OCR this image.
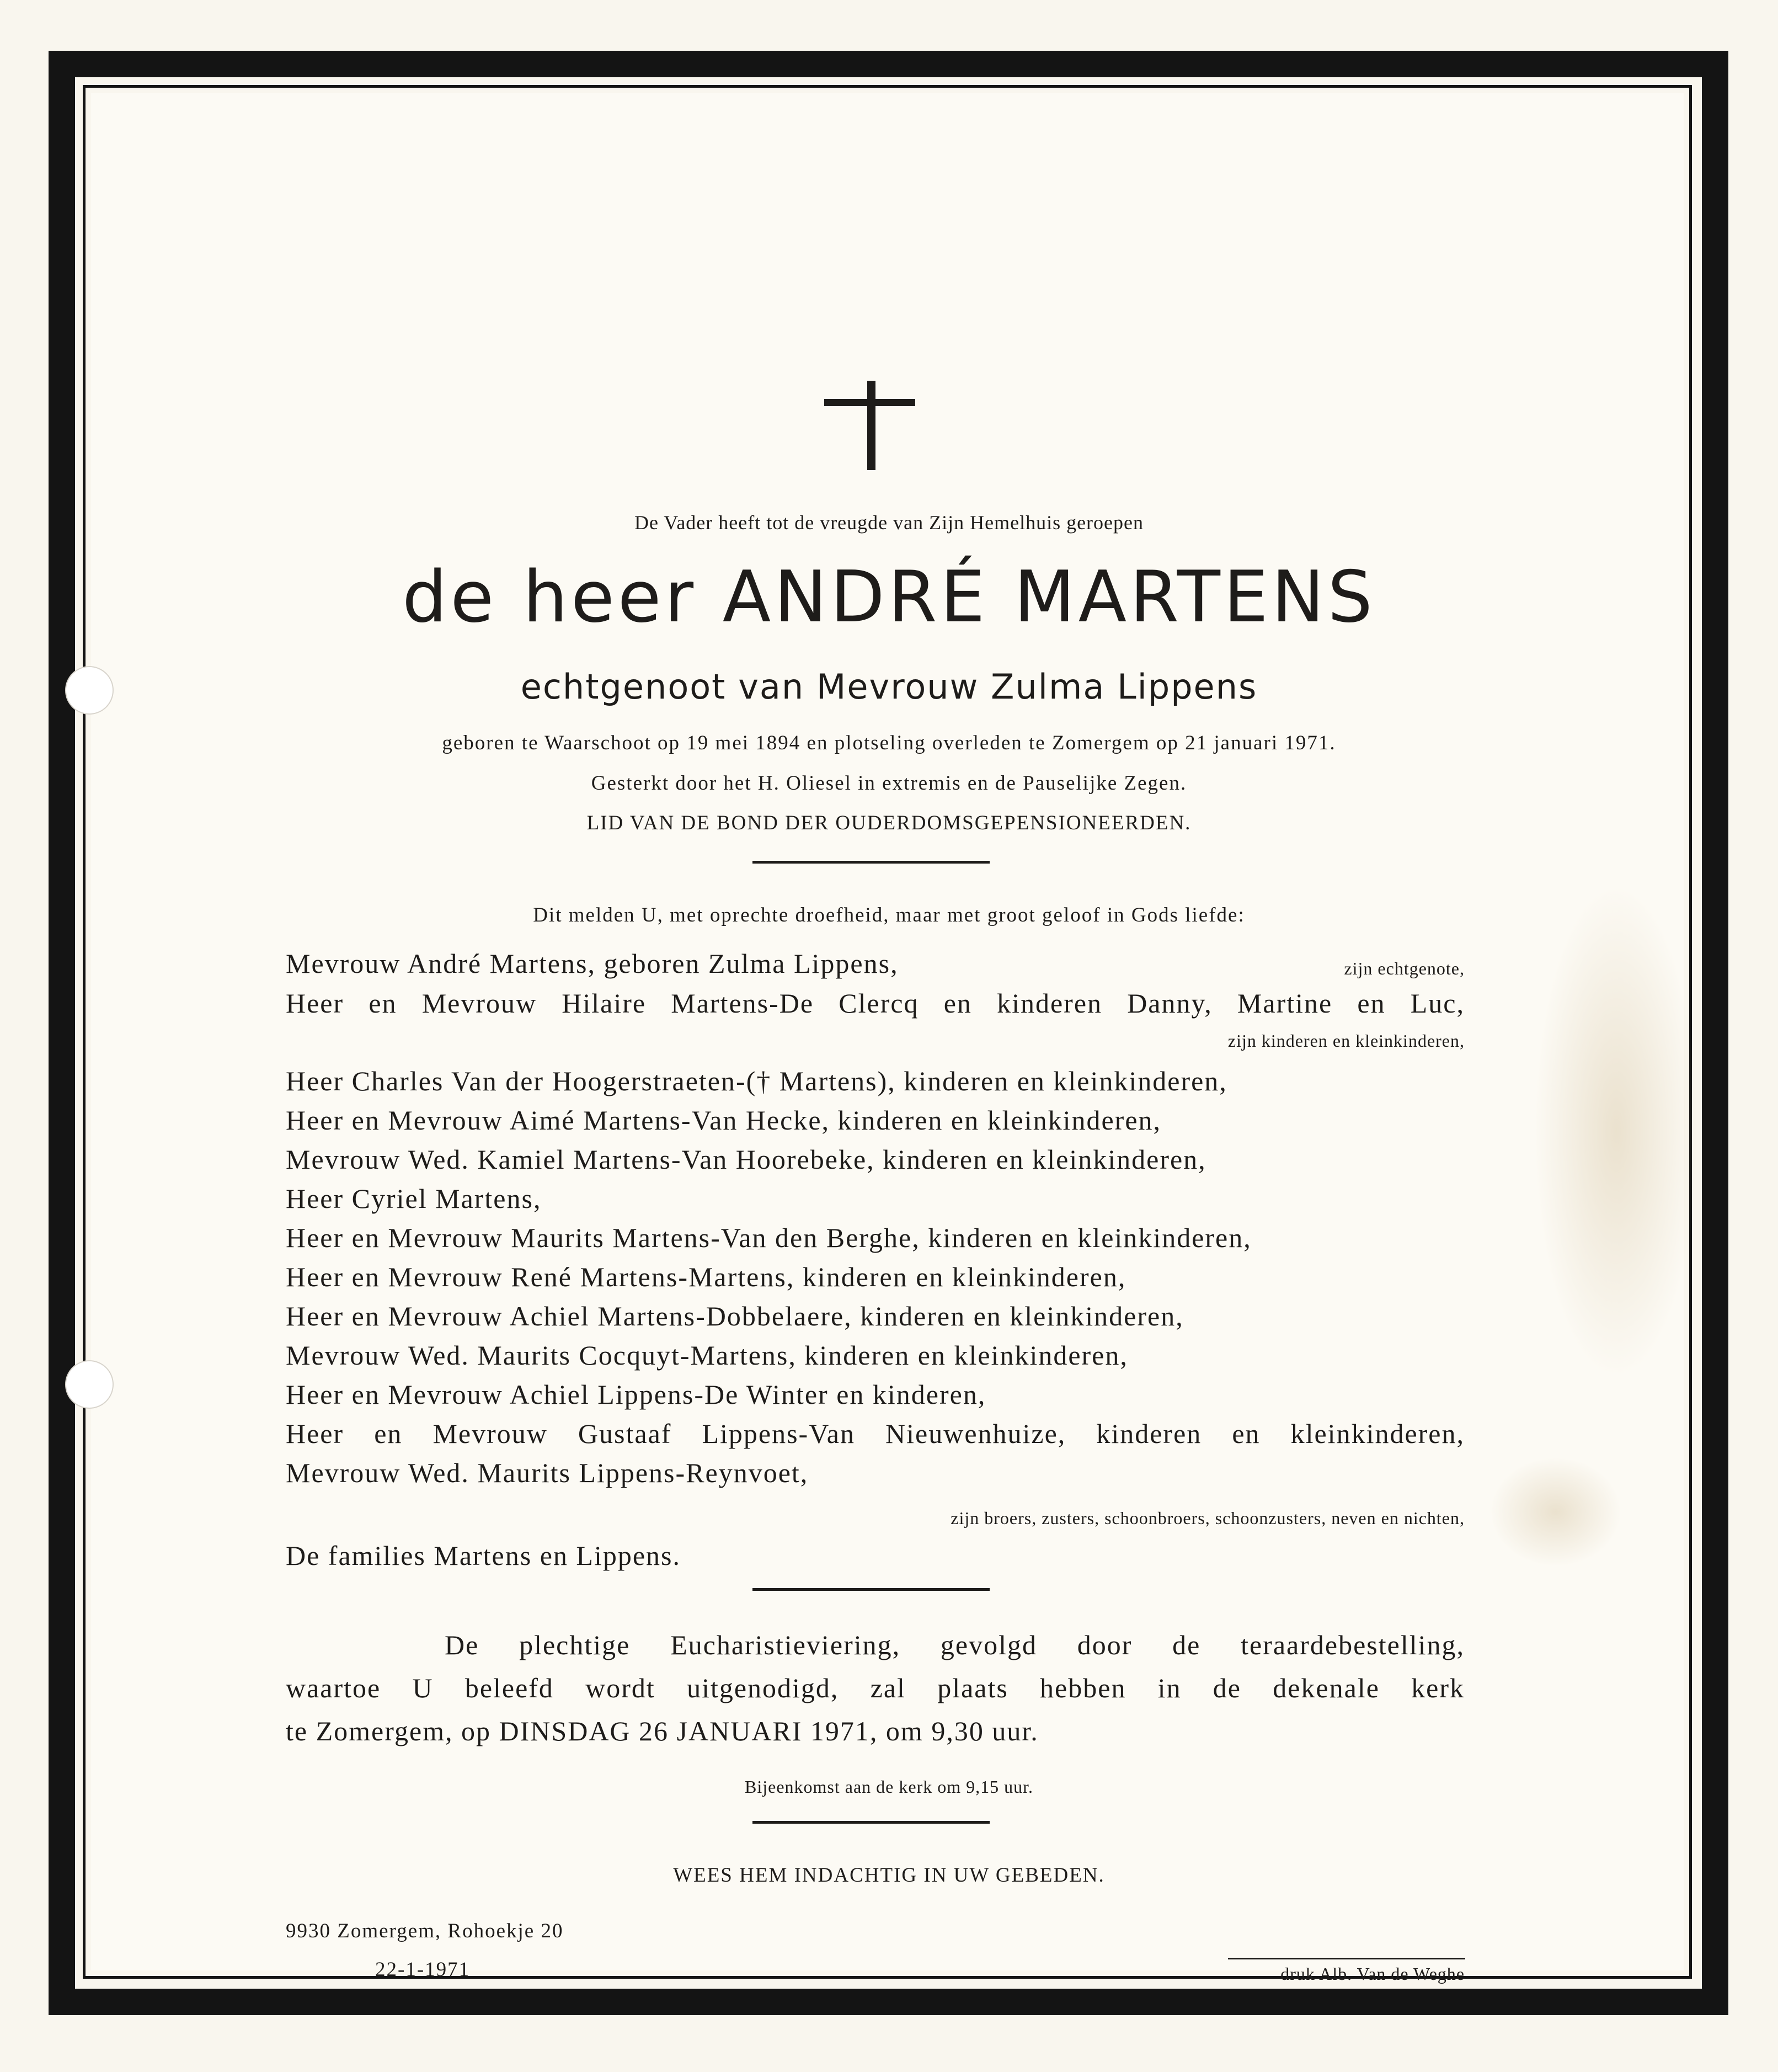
De Vader heeft tot de vreugde van Zijn Hemelhuis geroepen
de heer ANDRÉ MARTENS
echtgenoot van Mevrouw Zulma Lippens
geboren te Waarschoot op 19 mei 1894 en plotseling overleden te Zomergem op 21 januari 1971.
Gesterkt door het H. Oliesel in extremis en de Pauselijke Zegen.
LID VAN DE BOND DER OUDERDOMSGEPENSIONEERDEN.
Dit melden U, met oprechte droefheid, maar met groot geloof in Gods liefde:
Mevrouw André Martens, geboren Zulma Lippens,	zijn echtgenote,
Heer en Mevrouw Hilaire Martens-De Clercq en kinderen Danny, Martine en Luc,
zijn kinderen en kleinkinderen,
Heer Charles Van der Hoogerstraeten-(† Martens), kinderen en kleinkinderen,
Heer en Mevrouw Aimé Martens-Van Hecke, kinderen en kleinkinderen,
Mevrouw Wed. Kamiel Martens-Van Hoorebeke, kinderen en kleinkinderen,
Heer Cyriel Martens,
Heer en Mevrouw Maurits Martens-Van den Berghe, kinderen en kleinkinderen,
Heer en Mevrouw René Martens-Martens, kinderen en kleinkinderen,
Heer en Mevrouw Achiel Martens-Dobbelaere, kinderen en kleinkinderen,
Mevrouw Wed. Maurits Cocquyt-Martens, kinderen en kleinkinderen,
Heer en Mevrouw Achiel Lippens-De Winter en kinderen,
Heer en Mevrouw Gustaaf Lippens-Van Nieuwenhuize, kinderen en kleinkinderen,
Mevrouw Wed. Maurits Lippens-Reynvoet,
zijn broers, zusters, schoonbroers, schoonzusters, neven en nichten,
De families Martens en Lippens.
De plechtige Eucharistieviering, gevolgd door de teraardebestelling,
waartoe U beleefd wordt uitgenodigd, zal plaats hebben in de dekenale kerk
te Zomergem, op DINSDAG 26 JANUARI 1971, om 9,30 uur.
Bijeenkomst aan de kerk om 9,15 uur.
WEES HEM INDACHTIG IN UW GEBEDEN.
9930 Zomergem, Rohoekje 20
22-1-1971	druk Alb. Van de Weghe
